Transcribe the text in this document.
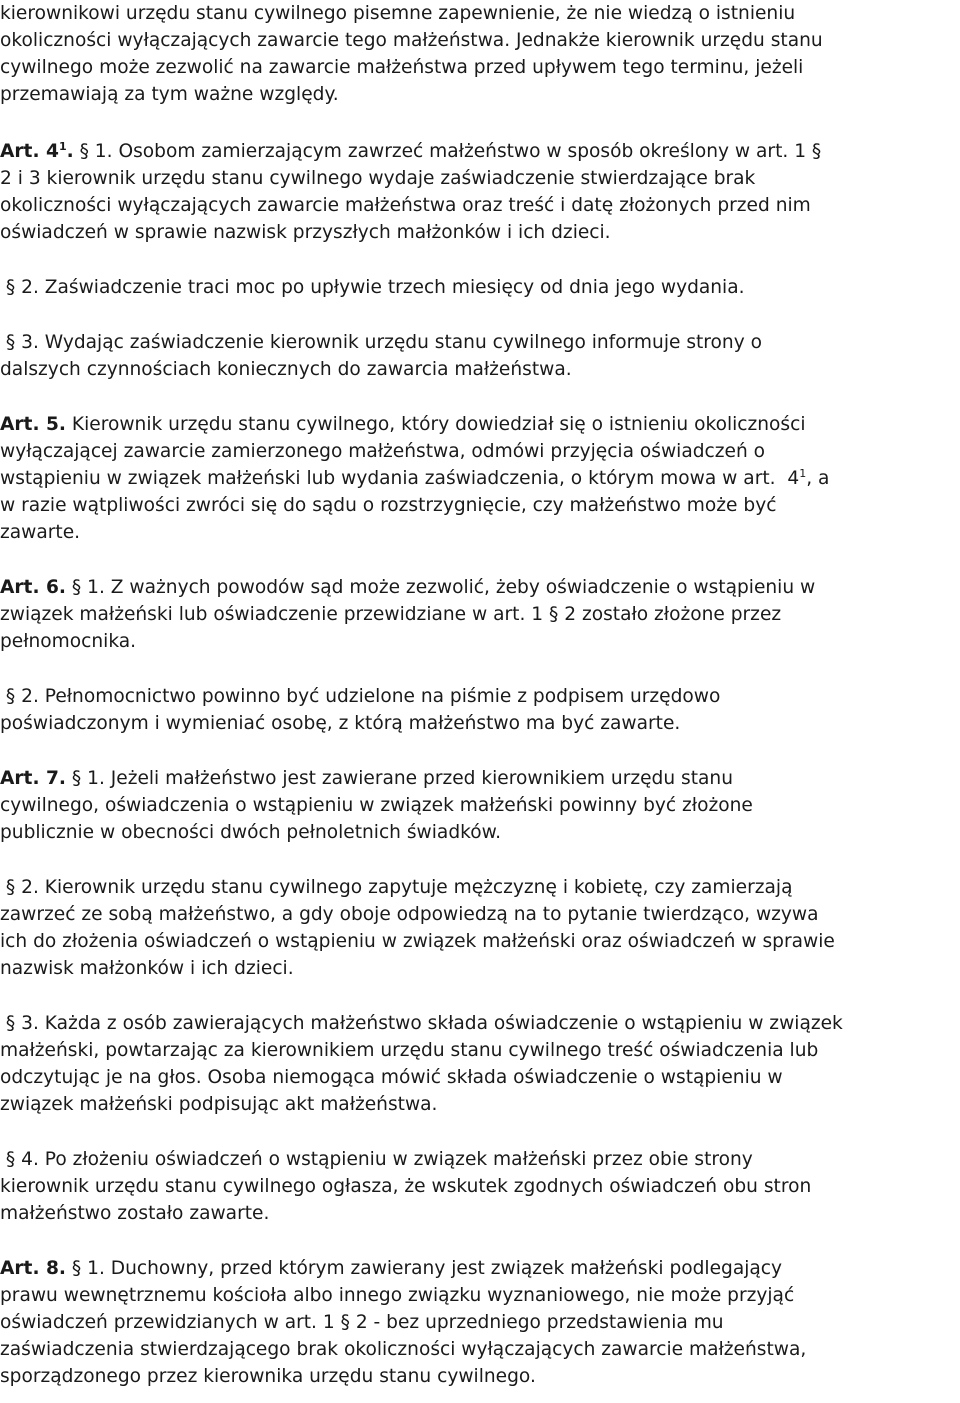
kierownikowi urzędu stanu cywilnego pisemne zapewnienie, że nie wiedzą o istnieniu
okoliczności wyłączających zawarcie tego małżeństwa. Jednakże kierownik urzędu stanu
cywilnego może zezwolić na zawarcie małżeństwa przed upływem tego terminu, jeżeli
przemawiają za tym ważne względy.
Art. $4^1$. § 1. Osobom zamierzającym zawrzeć małżeństwo w sposób określony w art. 1 §
2 i 3 kierownik urzędu stanu cywilnego wydaje zaświadczenie stwierdzające brak
okoliczności wyłączających zawarcie małżeństwa oraz treść i datę złożonych przed nim
oświadczeń w sprawie nazwisk przyszłych małżonków i ich dzieci.
§ 2. Zaświadczenie traci moc po upływie trzech miesięcy od dnia jego wydania.
§ 3. Wydając zaświadczenie kierownik urzędu stanu cywilnego informuje strony o
dalszych czynnościach koniecznych do zawarcia małżeństwa.
Art. 5. Kierownik urzędu stanu cywilnego, który dowiedział się o istnieniu okoliczności
wyłączającej zawarcie zamierzonego małżeństwa, odmówi przyjęcia oświadczeń o
wstąpieniu w związek małżeński lub wydania zaświadczenia, o którym mowa w art.  $4^1$, a
w razie wątpliwości zwróci się do sądu o rozstrzygnięcie, czy małżeństwo może być
zawarte.
Art. 6. § 1. Z ważnych powodów sąd może zezwolić, żeby oświadczenie o wstąpieniu w
związek małżeński lub oświadczenie przewidziane w art. 1 § 2 zostało złożone przez
pełnomocnika.
§ 2. Pełnomocnictwo powinno być udzielone na piśmie z podpisem urzędowo
poświadczonym i wymieniać osobę, z którą małżeństwo ma być zawarte.
Art. 7. § 1. Jeżeli małżeństwo jest zawierane przed kierownikiem urzędu stanu
cywilnego, oświadczenia o wstąpieniu w związek małżeński powinny być złożone
publicznie w obecności dwóch pełnoletnich świadków.
§ 2. Kierownik urzędu stanu cywilnego zapytuje mężczyznę i kobietę, czy zamierzają
zawrzeć ze sobą małżeństwo, a gdy oboje odpowiedzą na to pytanie twierdząco, wzywa
ich do złożenia oświadczeń o wstąpieniu w związek małżeński oraz oświadczeń w sprawie
nazwisk małżonków i ich dzieci.
§ 3. Każda z osób zawierających małżeństwo składa oświadczenie o wstąpieniu w związek
małżeński, powtarzając za kierownikiem urzędu stanu cywilnego treść oświadczenia lub
odczytując je na głos. Osoba niemogąca mówić składa oświadczenie o wstąpieniu w
związek małżeński podpisując akt małżeństwa.
§ 4. Po złożeniu oświadczeń o wstąpieniu w związek małżeński przez obie strony
kierownik urzędu stanu cywilnego ogłasza, że wskutek zgodnych oświadczeń obu stron
małżeństwo zostało zawarte.
Art. 8. § 1. Duchowny, przed którym zawierany jest związek małżeński podlegający
prawu wewnętrznemu kościoła albo innego związku wyznaniowego, nie może przyjąć
oświadczeń przewidzianych w art. 1 § 2 - bez uprzedniego przedstawienia mu
zaświadczenia stwierdzającego brak okoliczności wyłączających zawarcie małżeństwa,
sporządzonego przez kierownika urzędu stanu cywilnego.
